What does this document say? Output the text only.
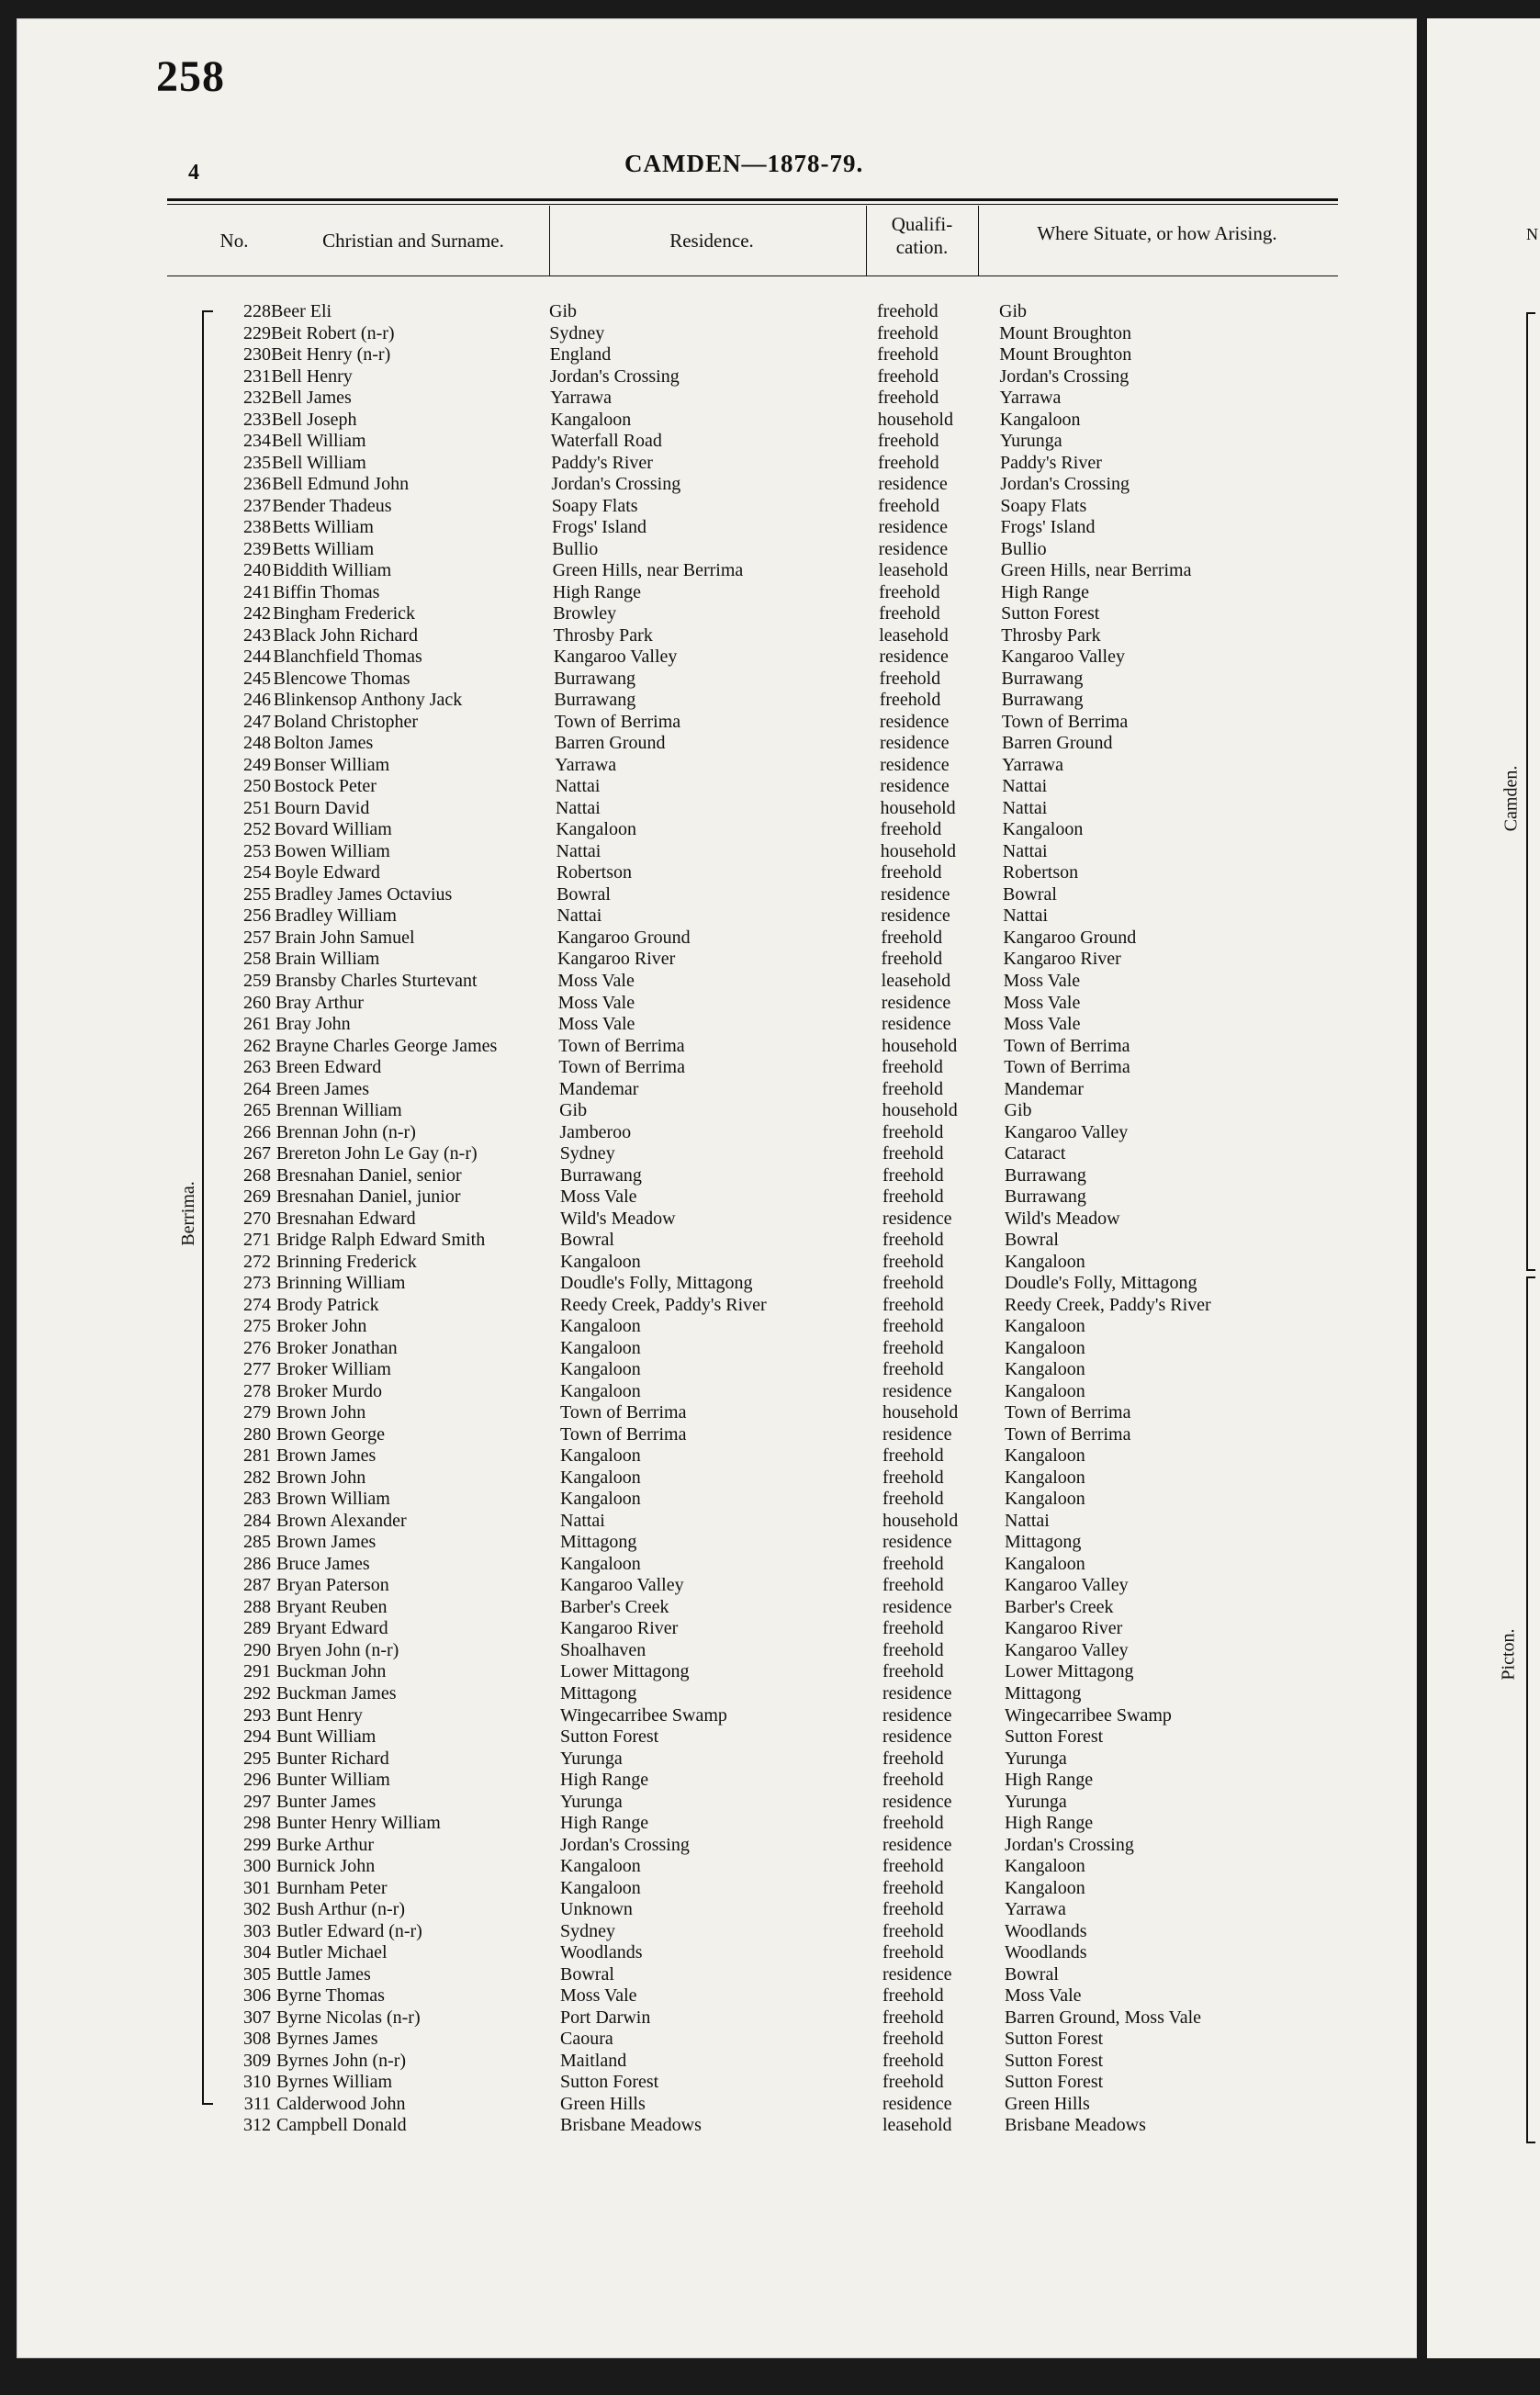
258
4	CAMDEN—1878-79.
No.	Christian and Surname.	Residence.
Qualifi-
cation.
Where Situate, or how Arising.
Berrima.
228 Beer Eli	Gib	freehold	Gib
229 Beit Robert (n-r)	Sydney	freehold	Mount Broughton
230 Beit Henry (n-r)	England	freehold	Mount Broughton
231 Bell Henry	Jordan's Crossing	freehold	Jordan's Crossing
232 Bell James	Yarrawa	freehold	Yarrawa
233 Bell Joseph	Kangaloon	household	Kangaloon
234 Bell William	Waterfall Road	freehold	Yurunga
235 Bell William	Paddy's River	freehold	Paddy's River
236 Bell Edmund John	Jordan's Crossing	residence	Jordan's Crossing
237 Bender Thadeus	Soapy Flats	freehold	Soapy Flats
238 Betts William	Frogs' Island	residence	Frogs' Island
239 Betts William	Bullio	residence	Bullio
240 Biddith William	Green Hills, near Berrima	leasehold	Green Hills, near Berrima
241 Biffin Thomas	High Range	freehold	High Range
242 Bingham Frederick	Browley	freehold	Sutton Forest
243 Black John Richard	Throsby Park	leasehold	Throsby Park
244 Blanchfield Thomas	Kangaroo Valley	residence	Kangaroo Valley
245 Blencowe Thomas	Burrawang	freehold	Burrawang
246 Blinkensop Anthony Jack	Burrawang	freehold	Burrawang
247 Boland Christopher	Town of Berrima	residence	Town of Berrima
248 Bolton James	Barren Ground	residence	Barren Ground
249 Bonser William	Yarrawa	residence	Yarrawa
250 Bostock Peter	Nattai	residence	Nattai
251 Bourn David	Nattai	household	Nattai
252 Bovard William	Kangaloon	freehold	Kangaloon
253 Bowen William	Nattai	household	Nattai
254 Boyle Edward	Robertson	freehold	Robertson
255 Bradley James Octavius	Bowral	residence	Bowral
256 Bradley William	Nattai	residence	Nattai
257 Brain John Samuel	Kangaroo Ground	freehold	Kangaroo Ground
258 Brain William	Kangaroo River	freehold	Kangaroo River
259 Bransby Charles Sturtevant	Moss Vale	leasehold	Moss Vale
260 Bray Arthur	Moss Vale	residence	Moss Vale
261 Bray John	Moss Vale	residence	Moss Vale
262 Brayne Charles George James	Town of Berrima	household	Town of Berrima
263 Breen Edward	Town of Berrima	freehold	Town of Berrima
264 Breen James	Mandemar	freehold	Mandemar
265 Brennan William	Gib	household	Gib
266 Brennan John (n-r)	Jamberoo	freehold	Kangaroo Valley
267 Brereton John Le Gay (n-r)	Sydney	freehold	Cataract
268 Bresnahan Daniel, senior	Burrawang	freehold	Burrawang
269 Bresnahan Daniel, junior	Moss Vale	freehold	Burrawang
270 Bresnahan Edward	Wild's Meadow	residence	Wild's Meadow
271 Bridge Ralph Edward Smith	Bowral	freehold	Bowral
272 Brinning Frederick	Kangaloon	freehold	Kangaloon
273 Brinning William	Doudle's Folly, Mittagong	freehold	Doudle's Folly, Mittagong
274 Brody Patrick	Reedy Creek, Paddy's River	freehold	Reedy Creek, Paddy's River
275 Broker John	Kangaloon	freehold	Kangaloon
276 Broker Jonathan	Kangaloon	freehold	Kangaloon
277 Broker William	Kangaloon	freehold	Kangaloon
278 Broker Murdo	Kangaloon	residence	Kangaloon
279 Brown John	Town of Berrima	household	Town of Berrima
280 Brown George	Town of Berrima	residence	Town of Berrima
281 Brown James	Kangaloon	freehold	Kangaloon
282 Brown John	Kangaloon	freehold	Kangaloon
283 Brown William	Kangaloon	freehold	Kangaloon
284 Brown Alexander	Nattai	household	Nattai
285 Brown James	Mittagong	residence	Mittagong
286 Bruce James	Kangaloon	freehold	Kangaloon
287 Bryan Paterson	Kangaroo Valley	freehold	Kangaroo Valley
288 Bryant Reuben	Barber's Creek	residence	Barber's Creek
289 Bryant Edward	Kangaroo River	freehold	Kangaroo River
290 Bryen John (n-r)	Shoalhaven	freehold	Kangaroo Valley
291 Buckman John	Lower Mittagong	freehold	Lower Mittagong
292 Buckman James	Mittagong	residence	Mittagong
293 Bunt Henry	Wingecarribee Swamp	residence	Wingecarribee Swamp
294 Bunt William	Sutton Forest	residence	Sutton Forest
295 Bunter Richard	Yurunga	freehold	Yurunga
296 Bunter William	High Range	freehold	High Range
297 Bunter James	Yurunga	residence	Yurunga
298 Bunter Henry William	High Range	freehold	High Range
299 Burke Arthur	Jordan's Crossing	residence	Jordan's Crossing
300 Burnick John	Kangaloon	freehold	Kangaloon
301 Burnham Peter	Kangaloon	freehold	Kangaloon
302 Bush Arthur (n-r)	Unknown	freehold	Yarrawa
303 Butler Edward (n-r)	Sydney	freehold	Woodlands
304 Butler Michael	Woodlands	freehold	Woodlands
305 Buttle James	Bowral	residence	Bowral
306 Byrne Thomas	Moss Vale	freehold	Moss Vale
307 Byrne Nicolas (n-r)	Port Darwin	freehold	Barren Ground, Moss Vale
308 Byrnes James	Caoura	freehold	Sutton Forest
309 Byrnes John (n-r)	Maitland	freehold	Sutton Forest
310 Byrnes William	Sutton Forest	freehold	Sutton Forest
311 Calderwood John	Green Hills	residence	Green Hills
312 Campbell Donald	Brisbane Meadows	leasehold	Brisbane Meadows
Camden.
Picton.
N
